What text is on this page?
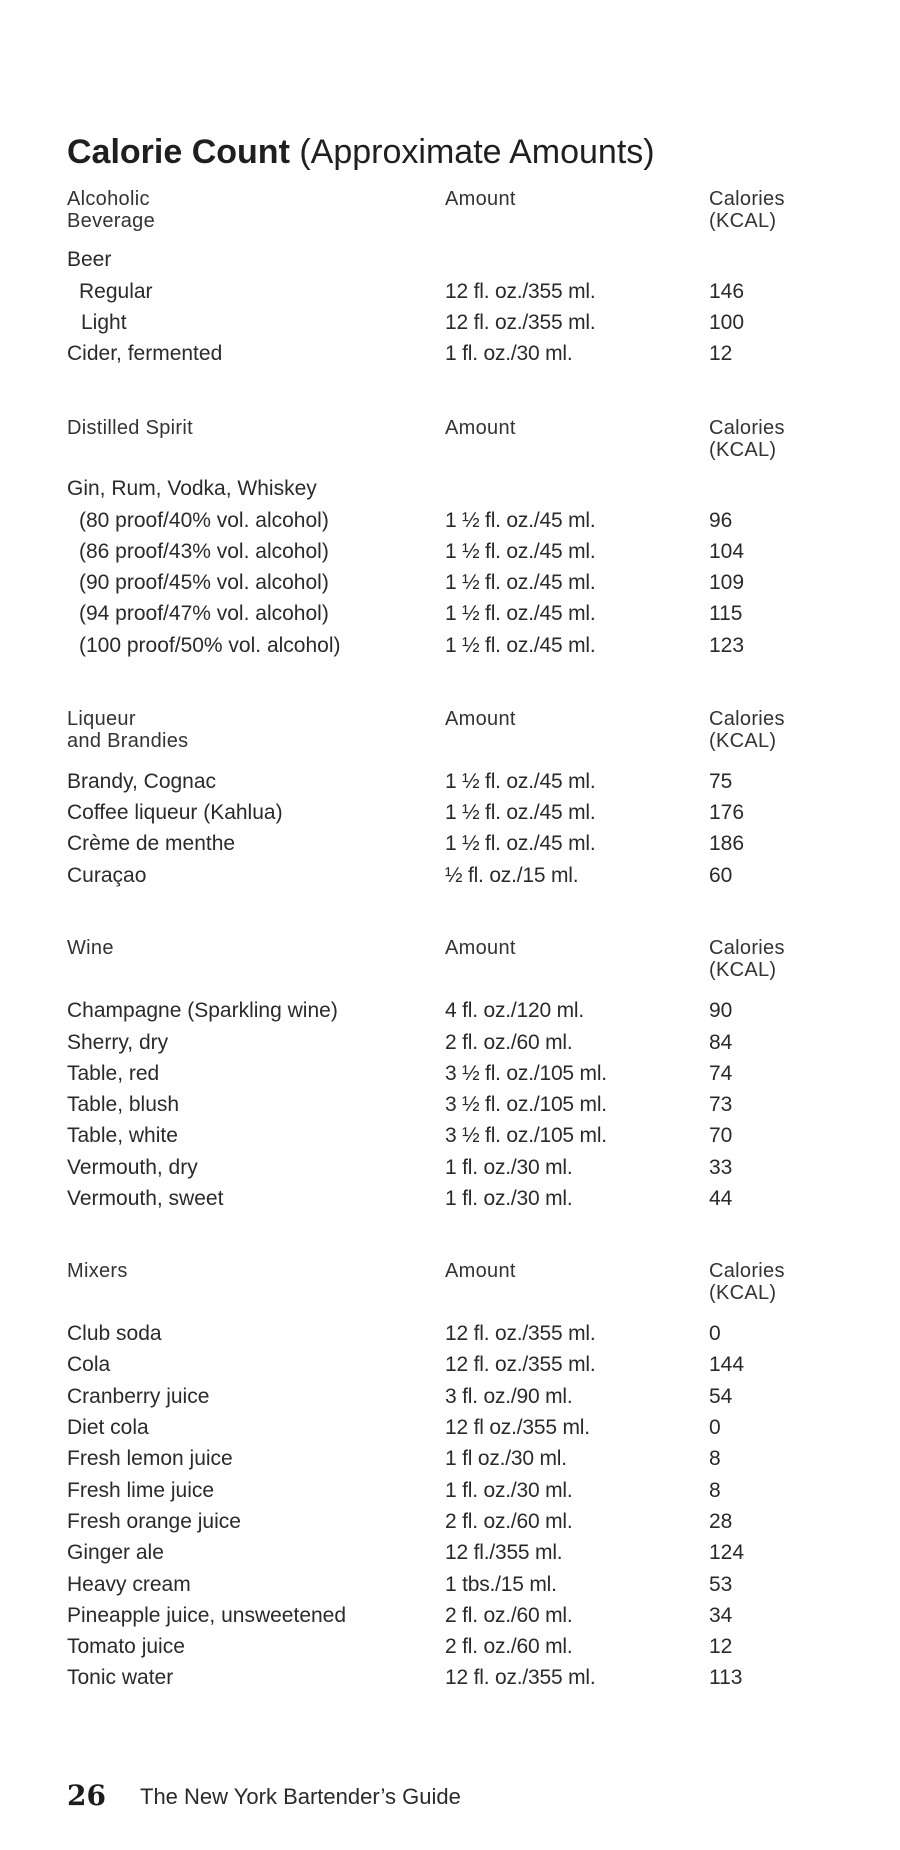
Calorie Count (Approximate Amounts)
Alcoholic
Beverage
Amount	Calories
(KCAL)
Beer
Regular	12 fl. oz./355 ml.	146
Light	12 fl. oz./355 ml.	100
Cider, fermented	1 fl. oz./30 ml.	12
Distilled Spirit	Amount	Calories
(KCAL)
Gin, Rum, Vodka, Whiskey
(80 proof/40% vol. alcohol)	1 ½ fl. oz./45 ml.	96
(86 proof/43% vol. alcohol)	1 ½ fl. oz./45 ml.	104
(90 proof/45% vol. alcohol)	1 ½ fl. oz./45 ml.	109
(94 proof/47% vol. alcohol)	1 ½ fl. oz./45 ml.	115
(100 proof/50% vol. alcohol)	1 ½ fl. oz./45 ml.	123
Liqueur
and Brandies
Amount	Calories
(KCAL)
Brandy, Cognac	1 ½ fl. oz./45 ml.	75
Coffee liqueur (Kahlua)	1 ½ fl. oz./45 ml.	176
Crème de menthe	1 ½ fl. oz./45 ml.	186
Curaçao	½ fl. oz./15 ml.	60
Wine	Amount	Calories
(KCAL)
Champagne (Sparkling wine)	4 fl. oz./120 ml.	90
Sherry, dry	2 fl. oz./60 ml.	84
Table, red	3 ½ fl. oz./105 ml.	74
Table, blush	3 ½ fl. oz./105 ml.	73
Table, white	3 ½ fl. oz./105 ml.	70
Vermouth, dry	1 fl. oz./30 ml.	33
Vermouth, sweet	1 fl. oz./30 ml.	44
Mixers	Amount	Calories
(KCAL)
Club soda	12 fl. oz./355 ml.	0
Cola	12 fl. oz./355 ml.	144
Cranberry juice	3 fl. oz./90 ml.	54
Diet cola	12 fl oz./355 ml.	0
Fresh lemon juice	1 fl oz./30 ml.	8
Fresh lime juice	1 fl. oz./30 ml.	8
Fresh orange juice	2 fl. oz./60 ml.	28
Ginger ale	12 fl./355 ml.	124
Heavy cream	1 tbs./15 ml.	53
Pineapple juice, unsweetened	2 fl. oz./60 ml.	34
Tomato juice	2 fl. oz./60 ml.	12
Tonic water	12 fl. oz./355 ml.	113
26 The New York Bartender’s Guide
